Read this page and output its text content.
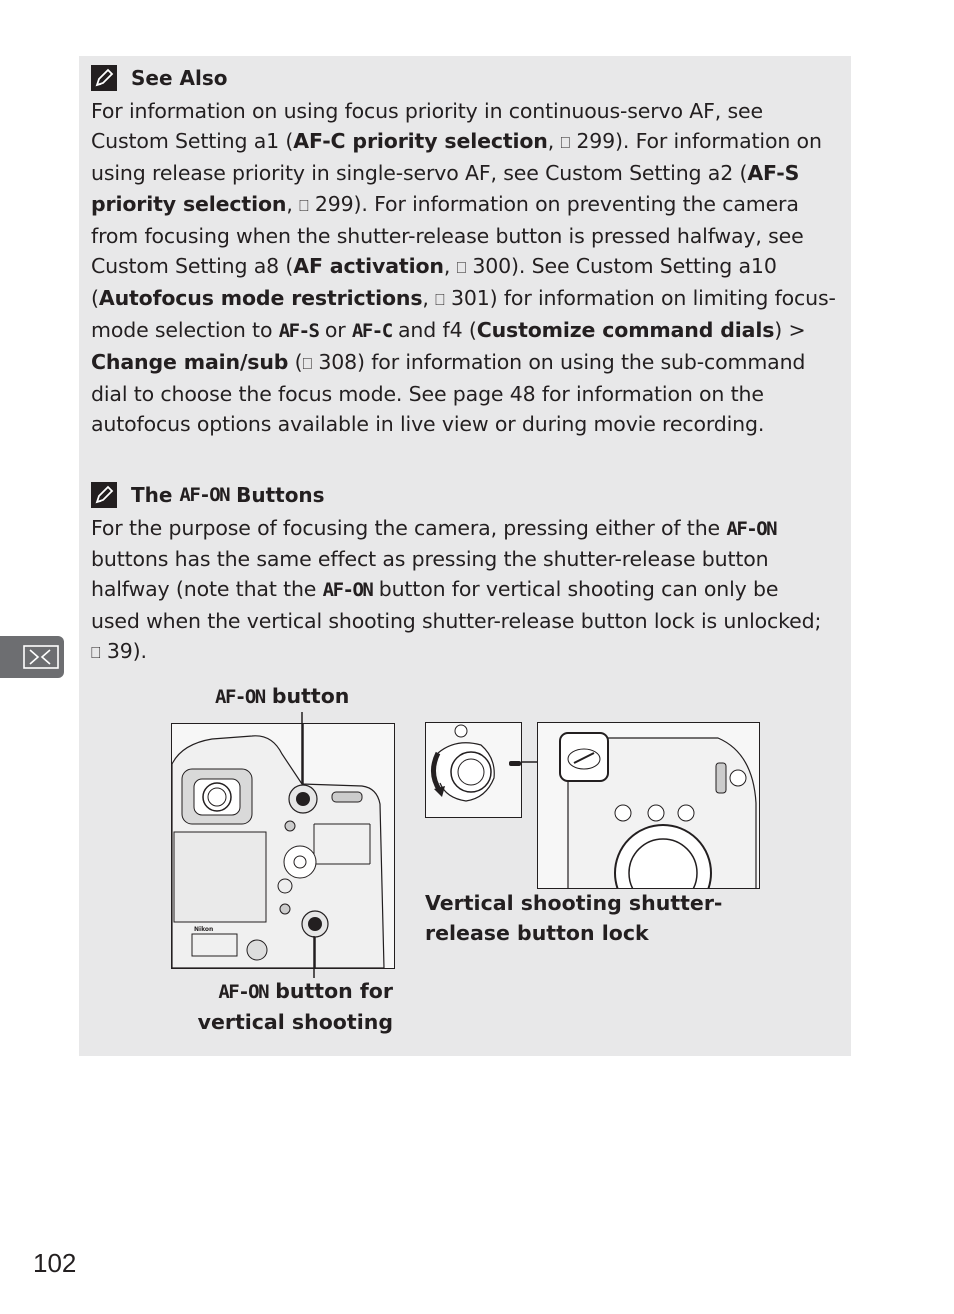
See Also
For information on using focus priority in continuous-servo AF, see Custom Setting a1 (AF-C priority selection, ⎕ 299). For information on using release priority in single-servo AF, see Custom Setting a2 (AF-S priority selection, ⎕ 299). For information on preventing the camera from focusing when the shutter-release button is pressed halfway, see Custom Setting a8 (AF activation, ⎕ 300). See Custom Setting a10 (Autofocus mode restrictions, ⎕ 301) for information on limiting focus-mode selection to AF-S or AF-C and f4 (Customize command dials) > Change main/sub (⎕ 308) for information on using the sub-command dial to choose the focus mode. See page 48 for information on the autofocus options available in live view or during movie recording.
The AF-ON Buttons
For the purpose of focusing the camera, pressing either of the AF-ON buttons has the same effect as pressing the shutter-release button halfway (note that the AF-ON button for vertical shooting can only be used when the vertical shooting shutter-release button lock is unlocked; ⎕ 39).
AF-ON button
Nikon
Vertical shooting shutter-
release button lock
AF-ON button for
vertical shooting
102
